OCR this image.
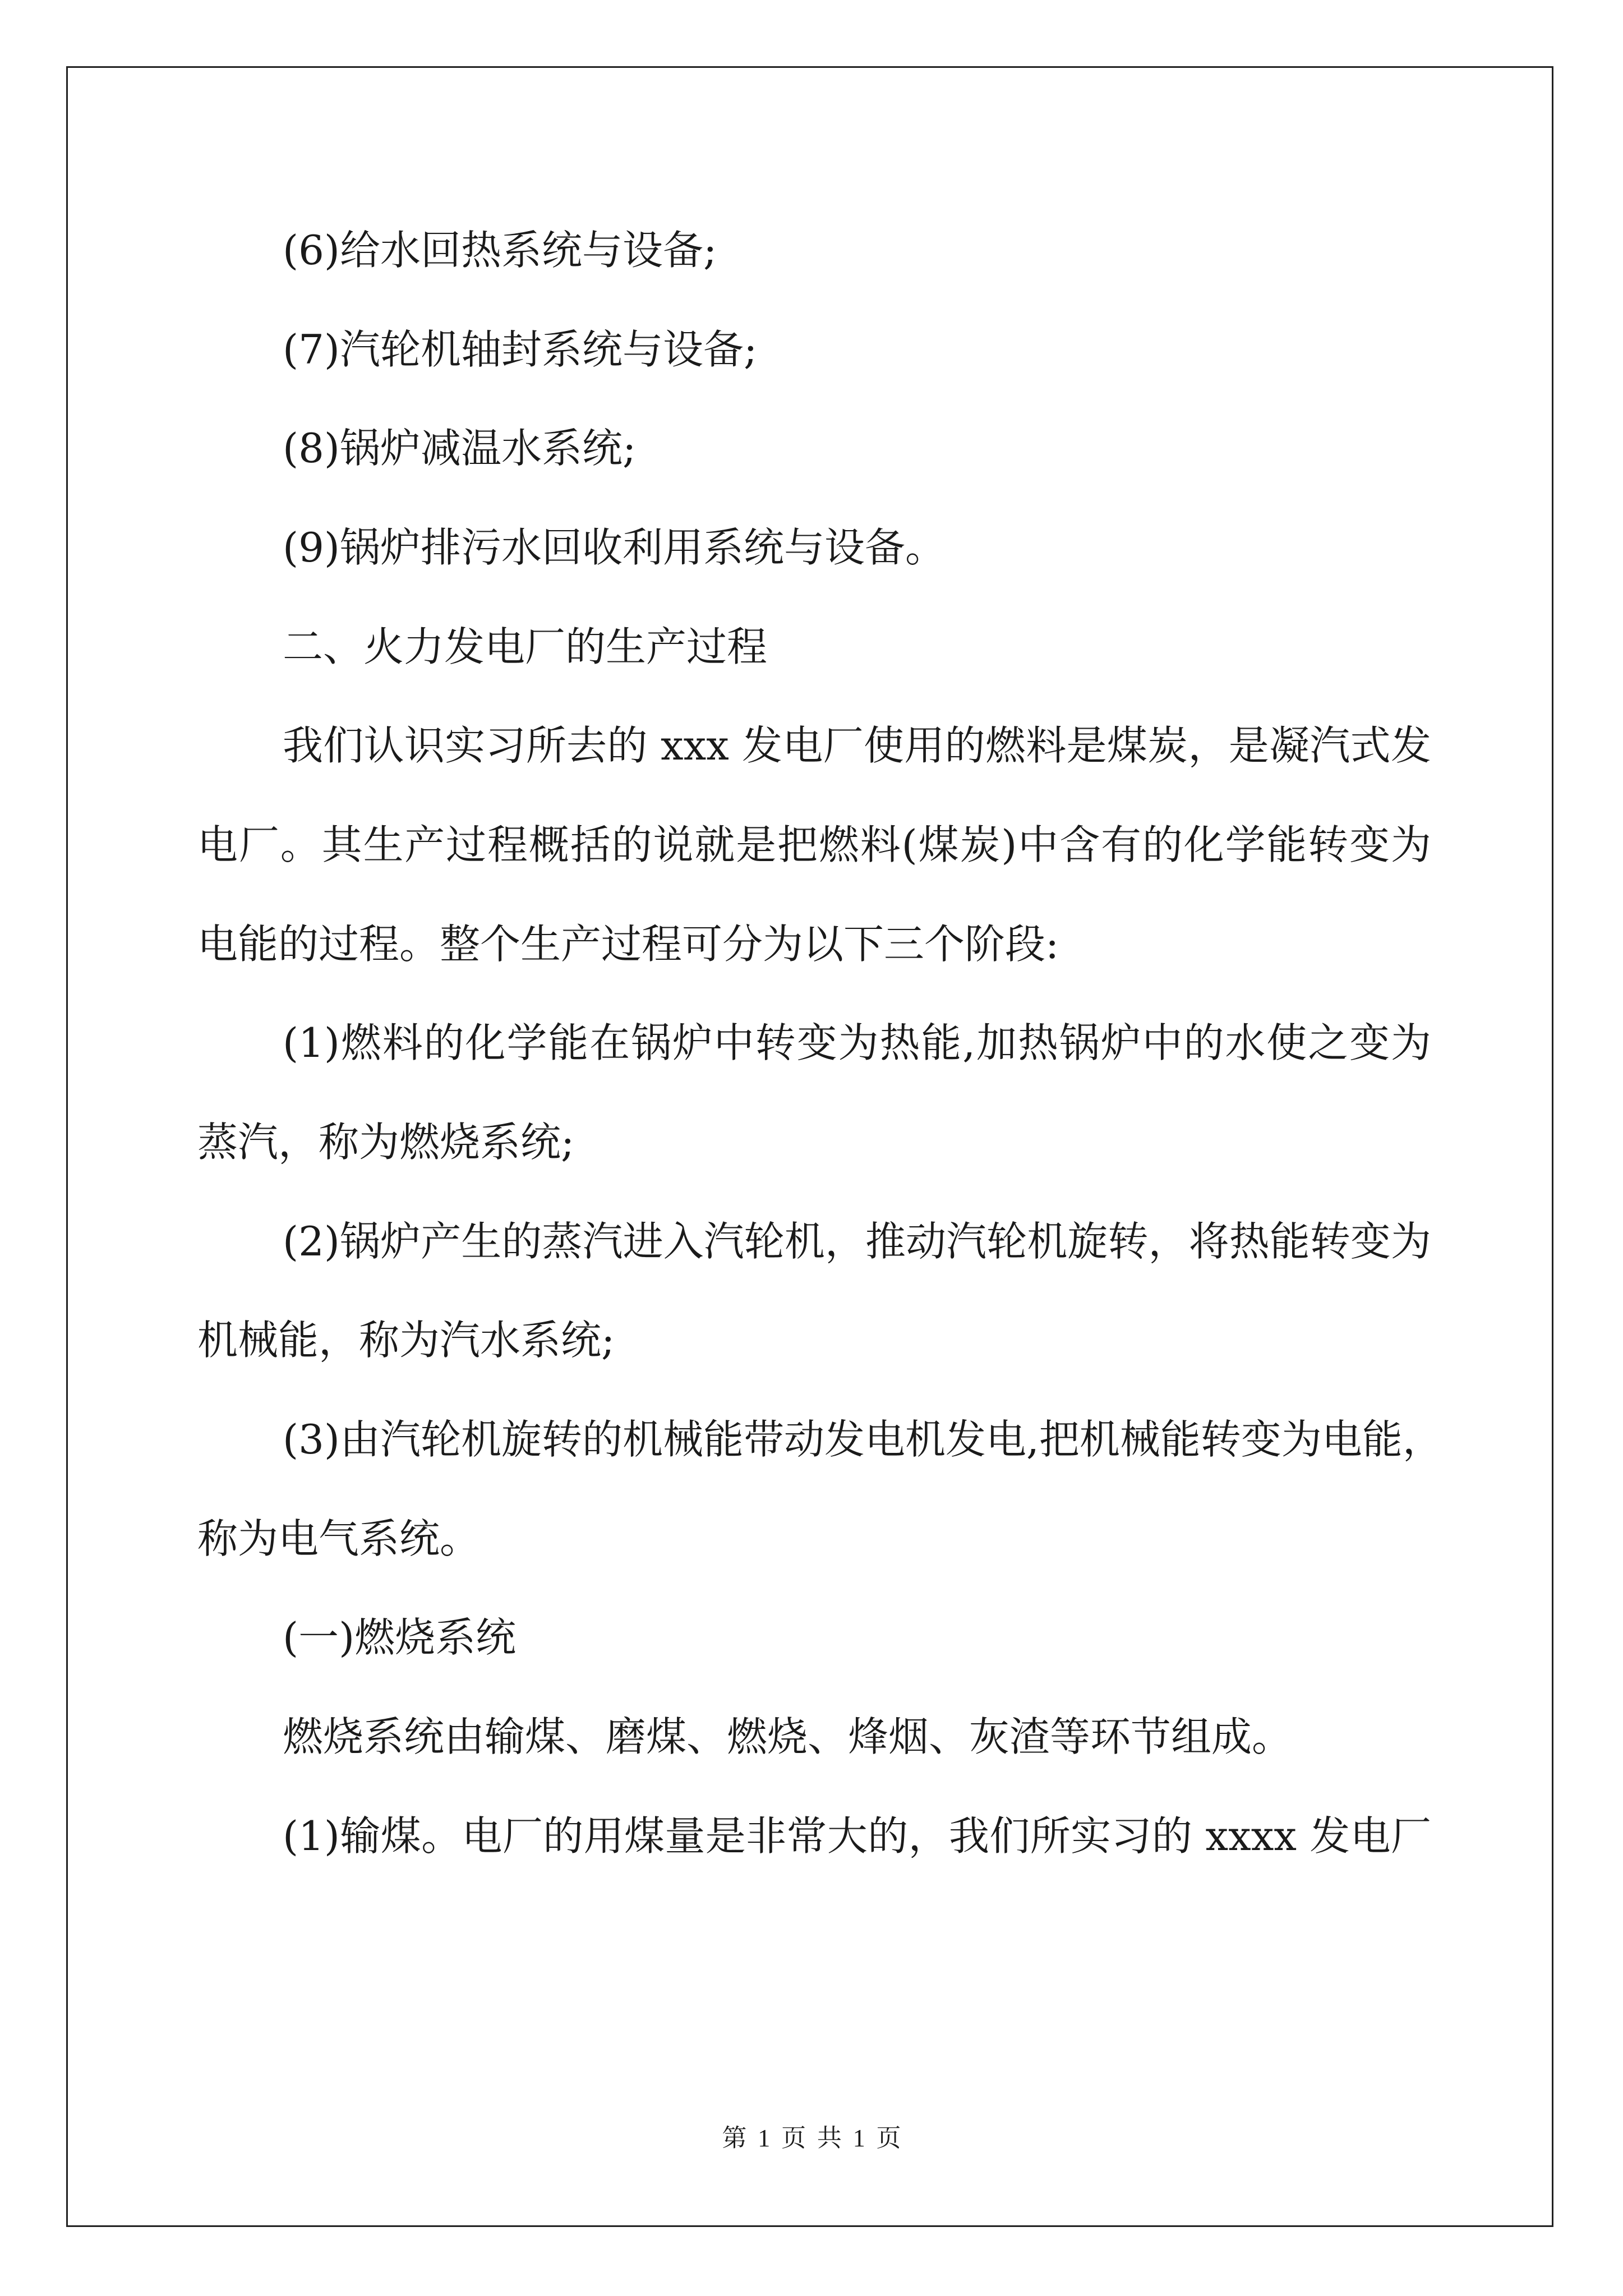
(6)给水回热系统与设备;
(7)汽轮机轴封系统与设备;
(8)锅炉减温水系统;
(9)锅炉排污水回收利用系统与设备。
二、火力发电厂的生产过程
我们认识实习所去的 xxx 发电厂使用的燃料是煤炭，是凝汽式发
电厂。其生产过程概括的说就是把燃料(煤炭)中含有的化学能转变为
电能的过程。整个生产过程可分为以下三个阶段:
(1)燃料的化学能在锅炉中转变为热能,加热锅炉中的水使之变为
蒸汽，称为燃烧系统;
(2)锅炉产生的蒸汽进入汽轮机，推动汽轮机旋转，将热能转变为
机械能，称为汽水系统;
(3)由汽轮机旋转的机械能带动发电机发电,把机械能转变为电能，
称为电气系统。
(一)燃烧系统
燃烧系统由输煤、磨煤、燃烧、烽烟、灰渣等环节组成。
(1)输煤。电厂的用煤量是非常大的，我们所实习的 xxxx 发电厂
第 1 页 共 1 页
